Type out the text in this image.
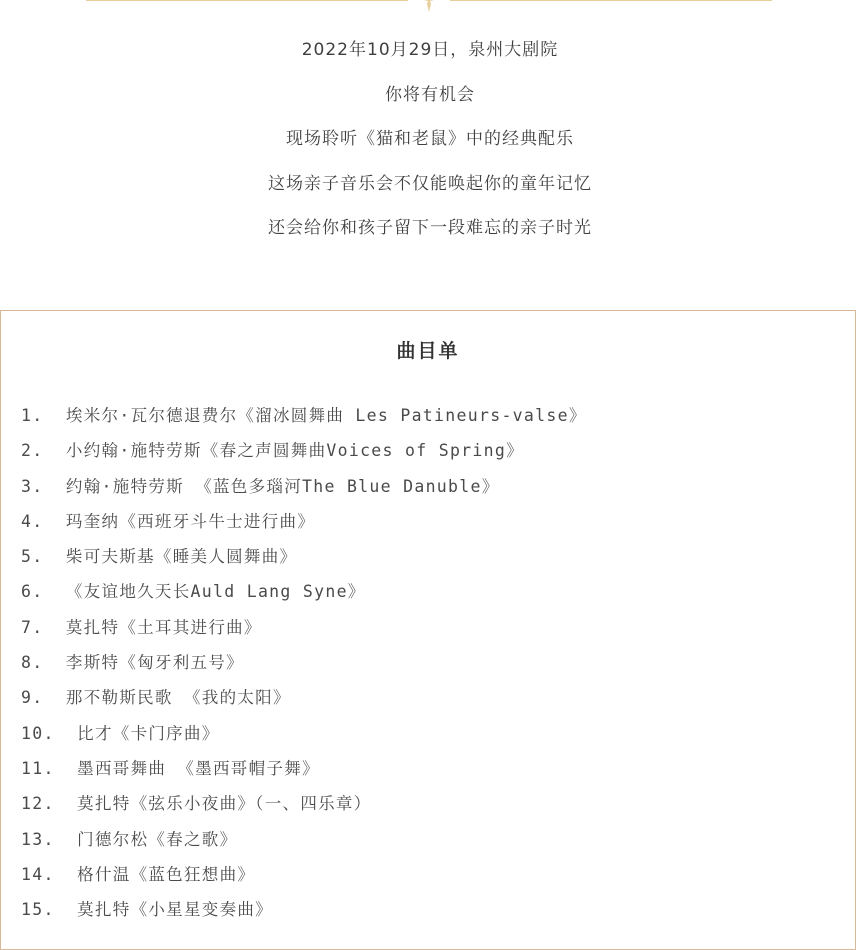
2022年10月29日，泉州大剧院

你将有机会

现场聆听《猫和老鼠》中的经典配乐

这场亲子音乐会不仅能唤起你的童年记忆

还会给你和孩子留下一段难忘的亲子时光

曲目单
1.  埃米尔·瓦尔德退费尔《溜冰圆舞曲 Les Patineurs-valse》
2.  小约翰·施特劳斯《春之声圆舞曲Voices of Spring》
3.  约翰·施特劳斯 《蓝色多瑙河The Blue Danuble》
4.  玛奎纳《西班牙斗牛士进行曲》
5.  柴可夫斯基《睡美人圆舞曲》
6.  《友谊地久天长Auld Lang Syne》
7.  莫扎特《土耳其进行曲》
8.  李斯特《匈牙利五号》
9.  那不勒斯民歌 《我的太阳》
10.  比才《卡门序曲》
11.  墨西哥舞曲 《墨西哥帽子舞》
12.  莫扎特《弦乐小夜曲》（一、四乐章）
13.  门德尔松《春之歌》
14.  格什温《蓝色狂想曲》
15.  莫扎特《小星星变奏曲》
